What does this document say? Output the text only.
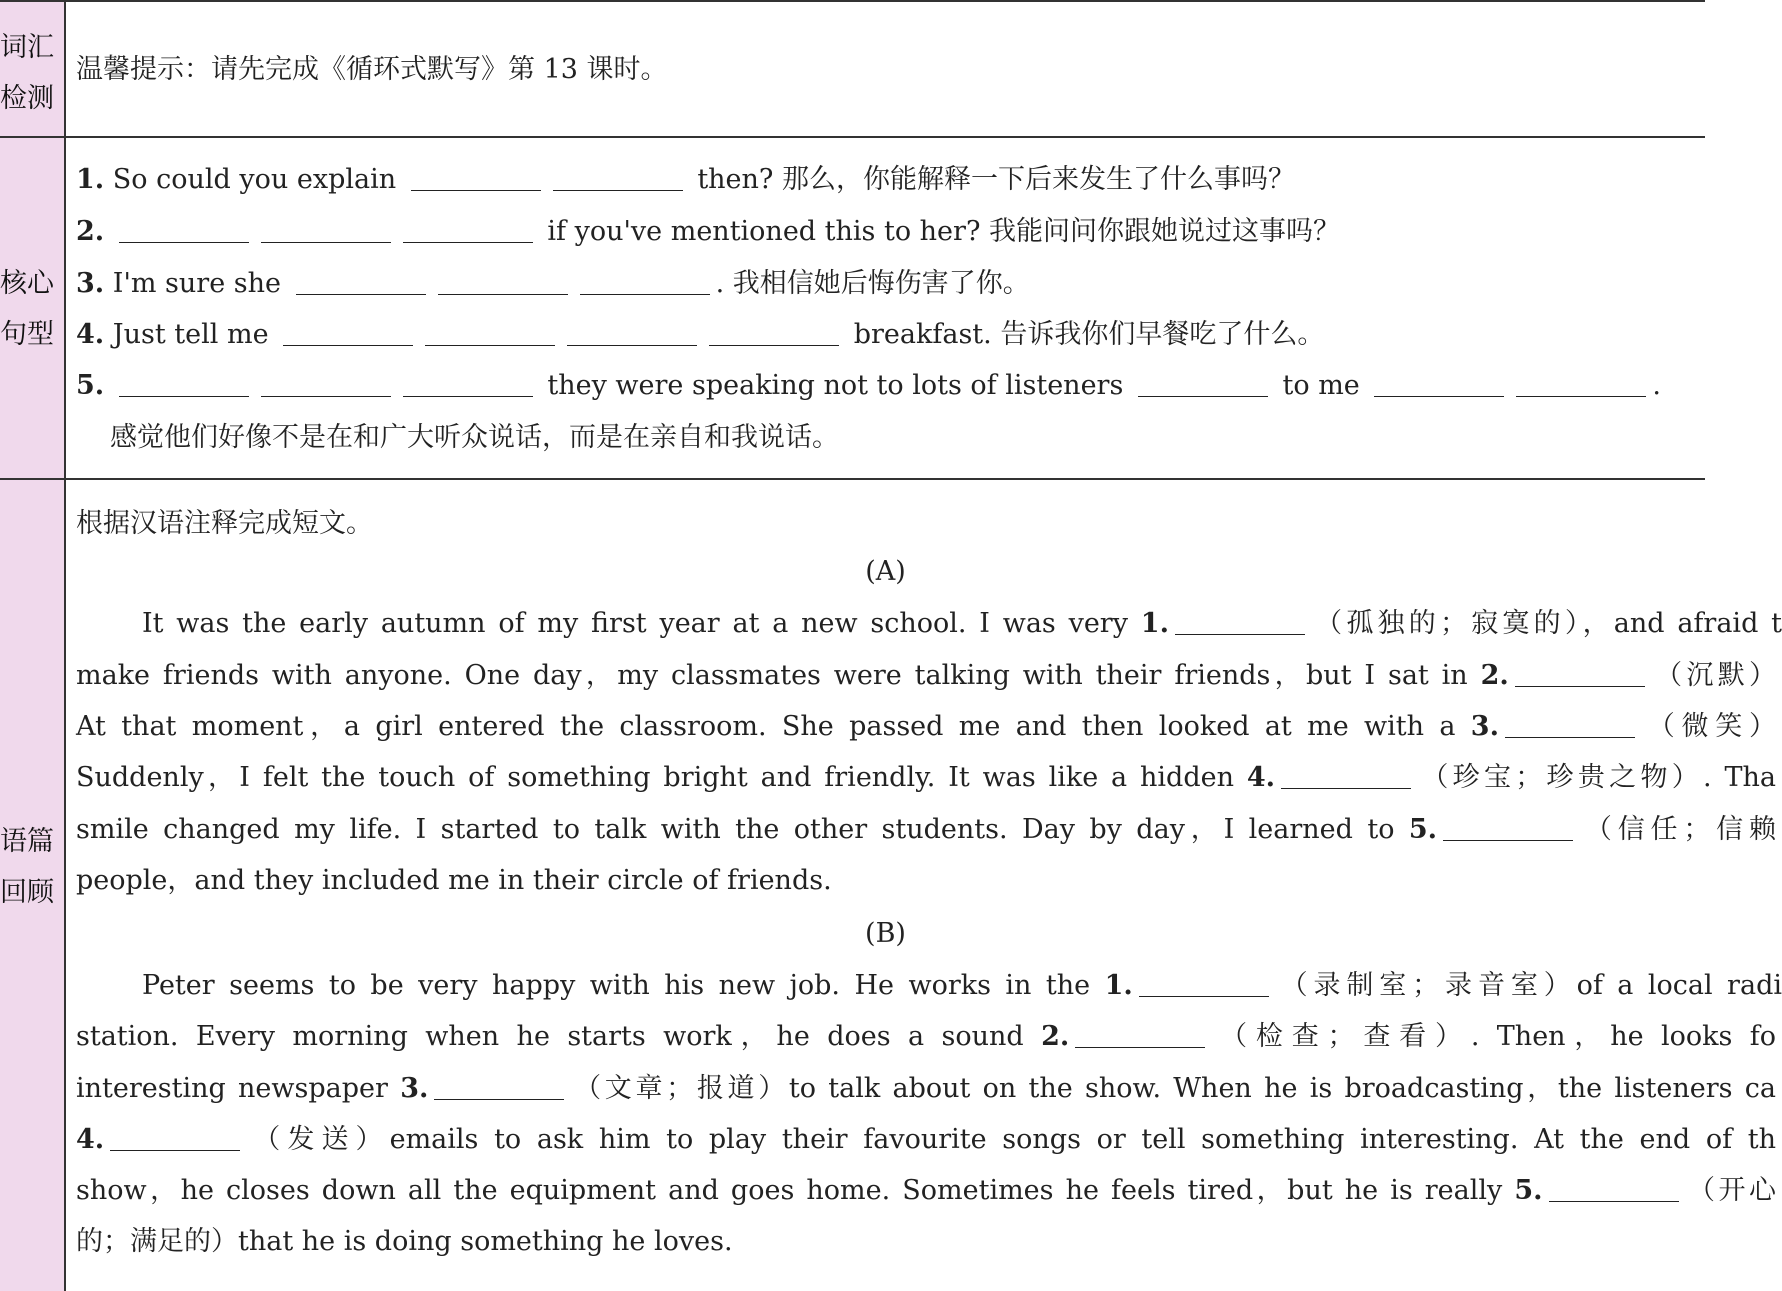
词汇
检测
温馨提示：请先完成《循环式默写》第 13 课时。
核心
句型
1. So could you explain	then? 那么，你能解释一下后来发生了什么事吗？
2.	if you've mentioned this to her? 我能问问你跟她说过这事吗？
3. I'm sure she	. 我相信她后悔伤害了你。
4. Just tell me	breakfast. 告诉我你们早餐吃了什么。
5.	they were speaking not to lots of listeners	to me	.
感觉他们好像不是在和广大听众说话，而是在亲自和我说话。
语篇
回顾
根据汉语注释完成短文。
(A)
It was the early autumn of my first year at a new school. I was very 1.	（孤独的；寂寞的），and afraid t
make friends with anyone. One day，my classmates were talking with their friends，but I sat in 2.	（沉默）
At that moment，a girl entered the classroom. She passed me and then looked at me with a 3.	（微笑）
Suddenly，I felt the touch of something bright and friendly. It was like a hidden 4.	（珍宝；珍贵之物）. Tha
smile changed my life. I started to talk with the other students. Day by day，I learned to 5.	（信任；信赖
people，and they included me in their circle of friends.
(B)
Peter seems to be very happy with his new job. He works in the 1.	（录制室；录音室）of a local radi
station. Every morning when he starts work，he does a sound 2.	（检查；查看）. Then，he looks fo
interesting newspaper 3.	（文章；报道）to talk about on the show. When he is broadcasting，the listeners ca
4.	（发送）emails to ask him to play their favourite songs or tell something interesting. At the end of th
show，he closes down all the equipment and goes home. Sometimes he feels tired，but he is really 5.	（开心
的；满足的）that he is doing something he loves.
